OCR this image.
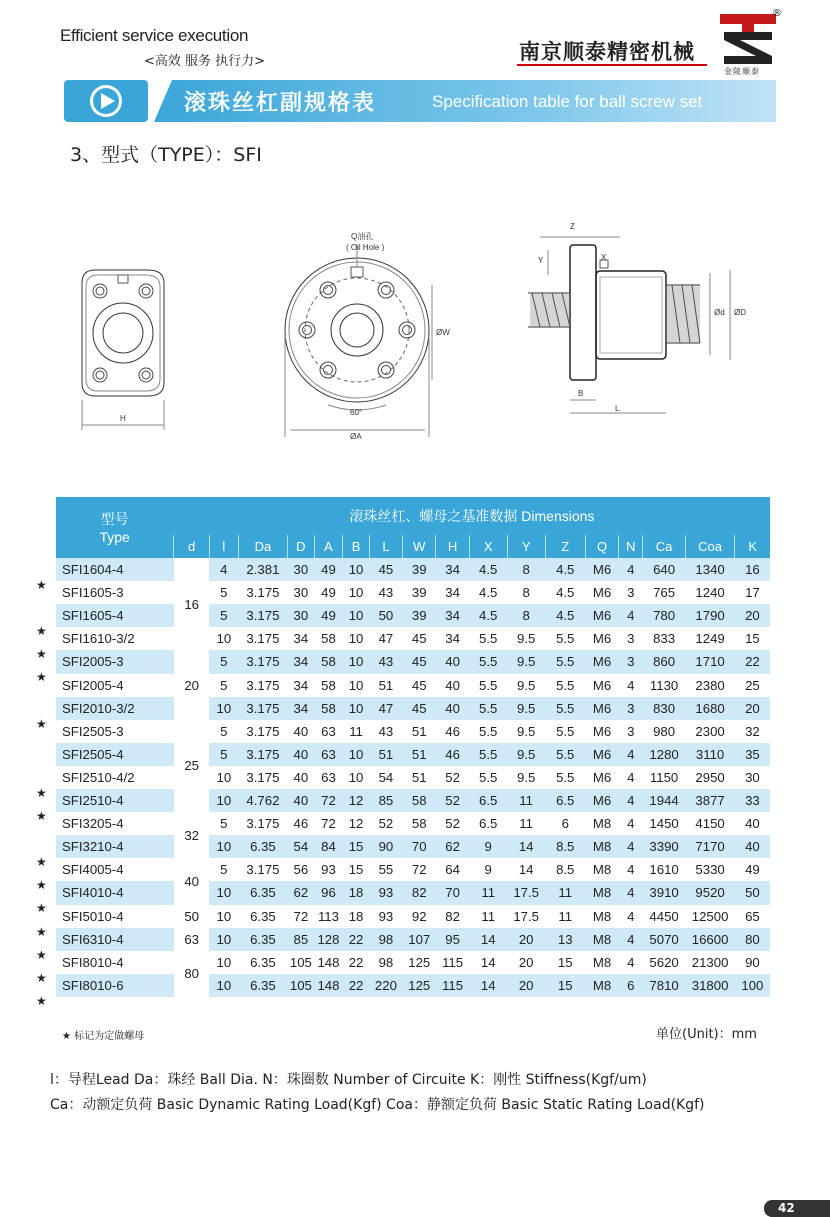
Efficient service execution
<高效 服务 执行力>	南京顺泰精密机械
®
金陵顺泰
滚珠丝杠副规格表	Specification table for ball screw set
3、型式（TYPE）：SFI
H
Q油孔
( Oil Hole )
ØW
60°
ØA
Z
Y	X
Ød ØD
B
L
型号
Type	滚珠丝杠、螺母之基准数据 Dimensions																
	d	l	Da	D	A	B	L	W	H	X	Y	Z	Q	N	Ca	Coa	K
SFI1604-4	16	4	2.381	30	49	10	45	39	34	4.5	8	4.5	M6	4	640	1340	16
SFI1605-3		5	3.175	30	49	10	43	39	34	4.5	8	4.5	M6	3	765	1240	17
SFI1605-4		5	3.175	30	49	10	50	39	34	4.5	8	4.5	M6	4	780	1790	20
SFI1610-3/2		10	3.175	34	58	10	47	45	34	5.5	9.5	5.5	M6	3	833	1249	15
SFI2005-3	20	5	3.175	34	58	10	43	45	40	5.5	9.5	5.5	M6	3	860	1710	22
SFI2005-4		5	3.175	34	58	10	51	45	40	5.5	9.5	5.5	M6	4	1130	2380	25
SFI2010-3/2		10	3.175	34	58	10	47	45	40	5.5	9.5	5.5	M6	3	830	1680	20
SFI2505-3	25	5	3.175	40	63	11	43	51	46	5.5	9.5	5.5	M6	3	980	2300	32
SFI2505-4		5	3.175	40	63	10	51	51	46	5.5	9.5	5.5	M6	4	1280	3110	35
SFI2510-4/2		10	3.175	40	63	10	54	51	52	5.5	9.5	5.5	M6	4	1150	2950	30
SFI2510-4		10	4.762	40	72	12	85	58	52	6.5	11	6.5	M6	4	1944	3877	33
SFI3205-4	32	5	3.175	46	72	12	52	58	52	6.5	11	6	M8	4	1450	4150	40
SFI3210-4		10	6.35	54	84	15	90	70	62	9	14	8.5	M8	4	3390	7170	40
SFI4005-4	40	5	3.175	56	93	15	55	72	64	9	14	8.5	M8	4	1610	5330	49
SFI4010-4		10	6.35	62	96	18	93	82	70	11	17.5	11	M8	4	3910	9520	50
SFI5010-4	50	10	6.35	72	113	18	93	92	82	11	17.5	11	M8	4	4450	12500	65
SFI6310-4	63	10	6.35	85	128	22	98	107	95	14	20	13	M8	4	5070	16600	80
SFI8010-4	80	10	6.35	105	148	22	98	125	115	14	20	15	M8	4	5620	21300	90
SFI8010-6		10	6.35	105	148	22	220	125	115	14	20	15	M8	6	7810	31800	100
★
★
★
★
★
★
★
★
★
★
★
★
★
★
★ 标记为定做螺母	单位(Unit)：mm
l：导程Lead Da：珠经 Ball Dia. N：珠圈数 Number of Circuite K：刚性 Stiffness(Kgf/um)
Ca：动额定负荷 Basic Dynamic Rating Load(Kgf) Coa：静额定负荷 Basic Static Rating Load(Kgf)
42
